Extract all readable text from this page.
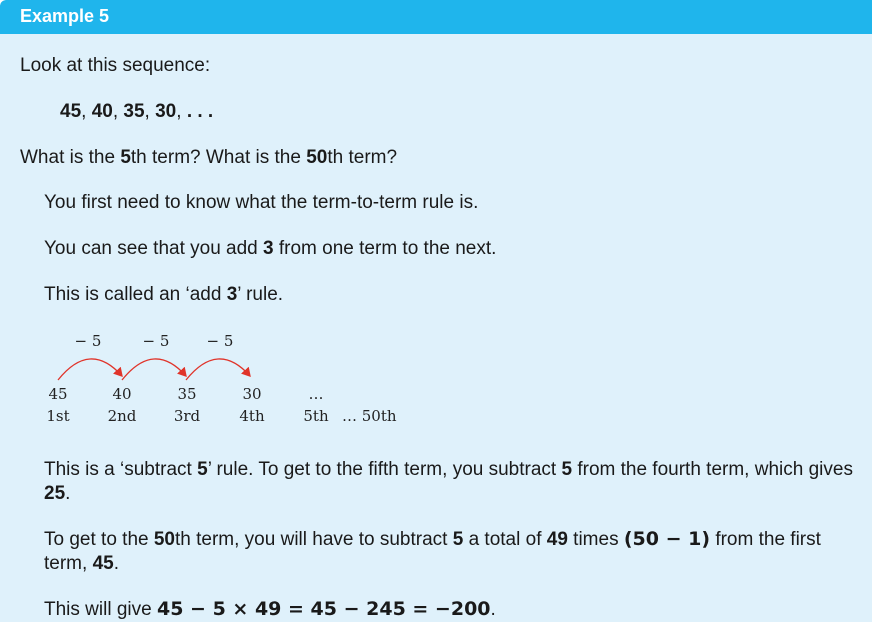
Example 5
Look at this sequence:
45, 40, 35, 30, . . .
What is the 5th term? What is the 50th term?
You first need to know what the term-to-term rule is.
You can see that you add 3 from one term to the next.
This is called an ‘add 3’ rule.
− 5	− 5 − 5
45	40	35	30	…
1st	2nd 3rd	4th	5th … 50th
This is a ‘subtract 5’ rule. To get to the fifth term, you subtract 5 from the fourth term, which gives 25.
To get to the 50th term, you will have to subtract 5 a total of 49 times (50 − 1) from the first term, 45.
This will give 45 − 5 × 49 = 45 − 245 = −200.
